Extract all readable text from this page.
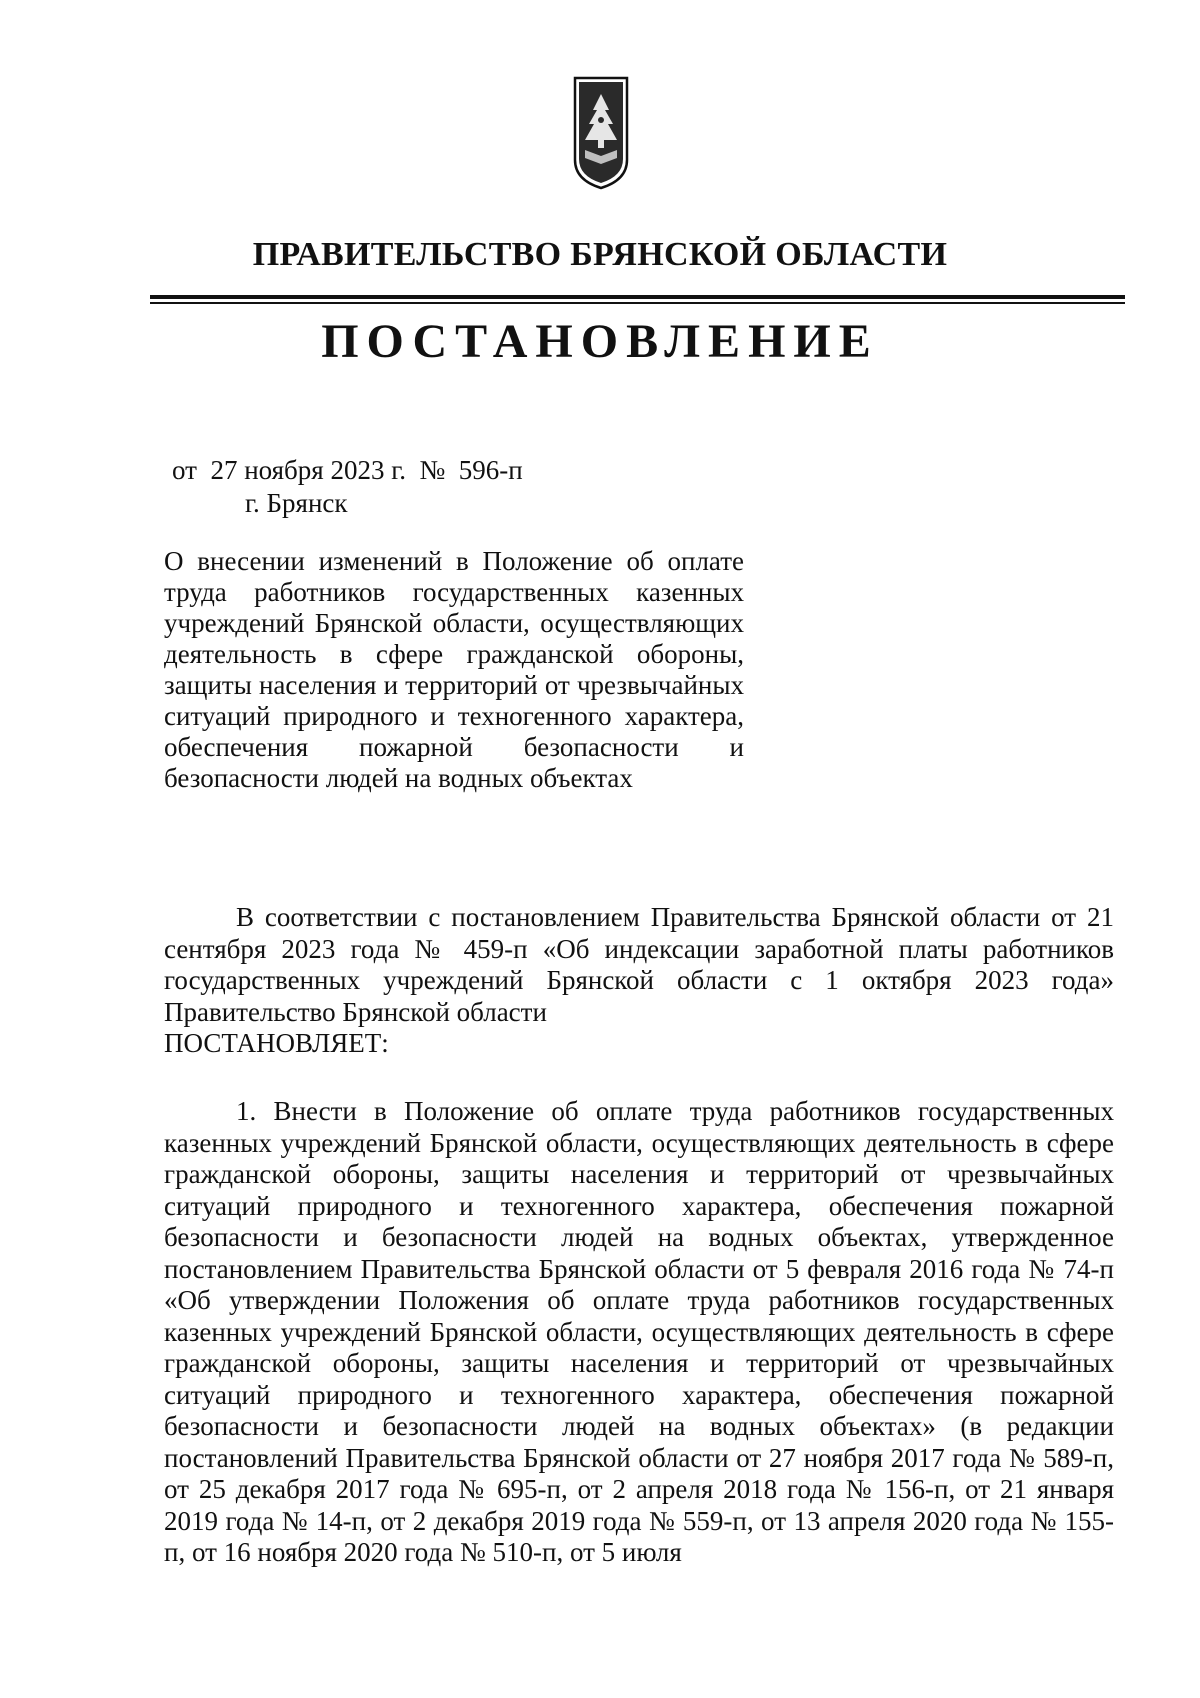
ПРАВИТЕЛЬСТВО БРЯНСКОЙ ОБЛАСТИ
ПОСТАНОВЛЕНИЕ
от  27 ноября 2023 г.  №  596-п
г. Брянск
О внесении изменений в Положение об оплате труда работников государственных казенных учреждений Брянской области, осуществляющих деятельность в сфере гражданской обороны, защиты населения и территорий от чрезвычайных ситуаций природного и техногенного характера, обеспечения пожарной безопасности и безопасности людей на водных объектах
В соответствии с постановлением Правительства Брянской области от 21 сентября 2023 года № 459-п «Об индексации заработной платы работников государственных учреждений Брянской области с 1 октября 2023 года» Правительство Брянской области
ПОСТАНОВЛЯЕТ:
1. Внести в Положение об оплате труда работников государственных казенных учреждений Брянской области, осуществляющих деятельность в сфере гражданской обороны, защиты населения и территорий от чрезвычайных ситуаций природного и техногенного характера, обеспечения пожарной безопасности и безопасности людей на водных объектах, утвержденное постановлением Правительства Брянской области от 5 февраля 2016 года № 74-п «Об утверждении Положения об оплате труда работников государственных казенных учреждений Брянской области, осуществляющих деятельность в сфере гражданской обороны, защиты населения и территорий от чрезвычайных ситуаций природного и техногенного характера, обеспечения пожарной безопасности и безопасности людей на водных объектах» (в редакции постановлений Правительства Брянской области от 27 ноября 2017 года № 589-п, от 25 декабря 2017 года № 695-п, от 2 апреля 2018 года № 156-п, от 21 января 2019 года № 14-п, от 2 декабря 2019 года № 559-п, от 13 апреля 2020 года № 155-п, от 16 ноября 2020 года № 510-п, от 5 июля
